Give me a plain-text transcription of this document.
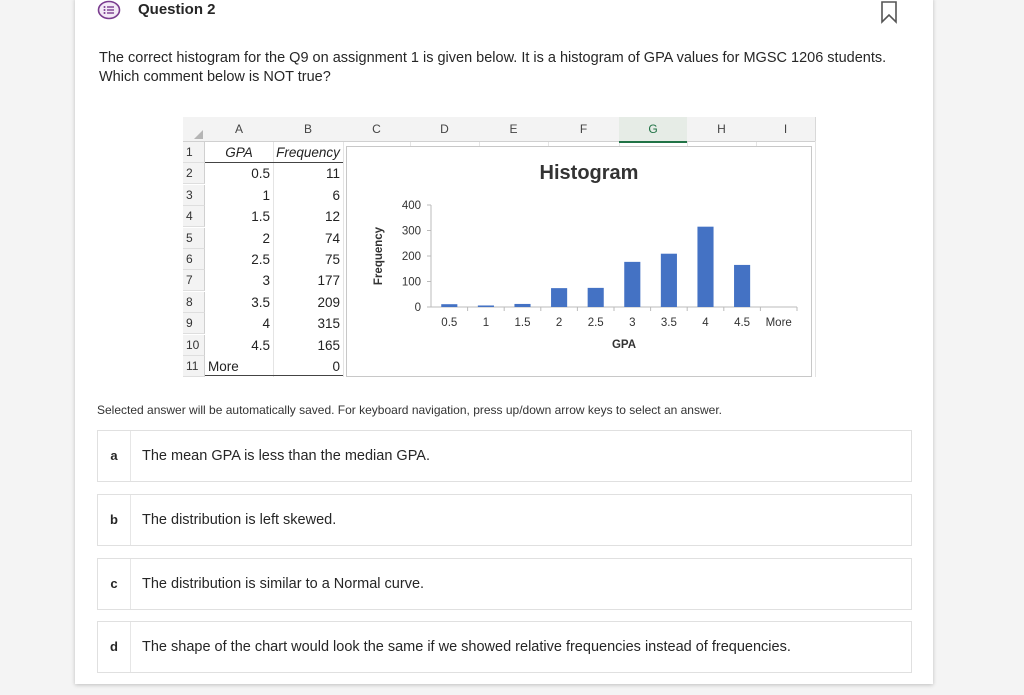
Question 2
The correct histogram for the Q9 on assignment 1 is given below. It is a histogram of GPA values for MGSC 1206 students. Which comment below is NOT true?
A	B	C	D	E	F	G	H	I
1
2
3
4
5
6
7
8
9
10
11
GPA	Frequency
0.5	11
1	6
1.5	12
2	74
2.5	75
3	177
3.5	209
4	315
4.5	165
More	0
Histogram
0
100
200
300
400
Frequency
0.5 1 1.5 2 2.5 3 3.5 4 4.5 More
GPA
Selected answer will be automatically saved. For keyboard navigation, press up/down arrow keys to select an answer.
a	The mean GPA is less than the median GPA.
b	The distribution is left skewed.
c	The distribution is similar to a Normal curve.
d	The shape of the chart would look the same if we showed relative frequencies instead of frequencies.
